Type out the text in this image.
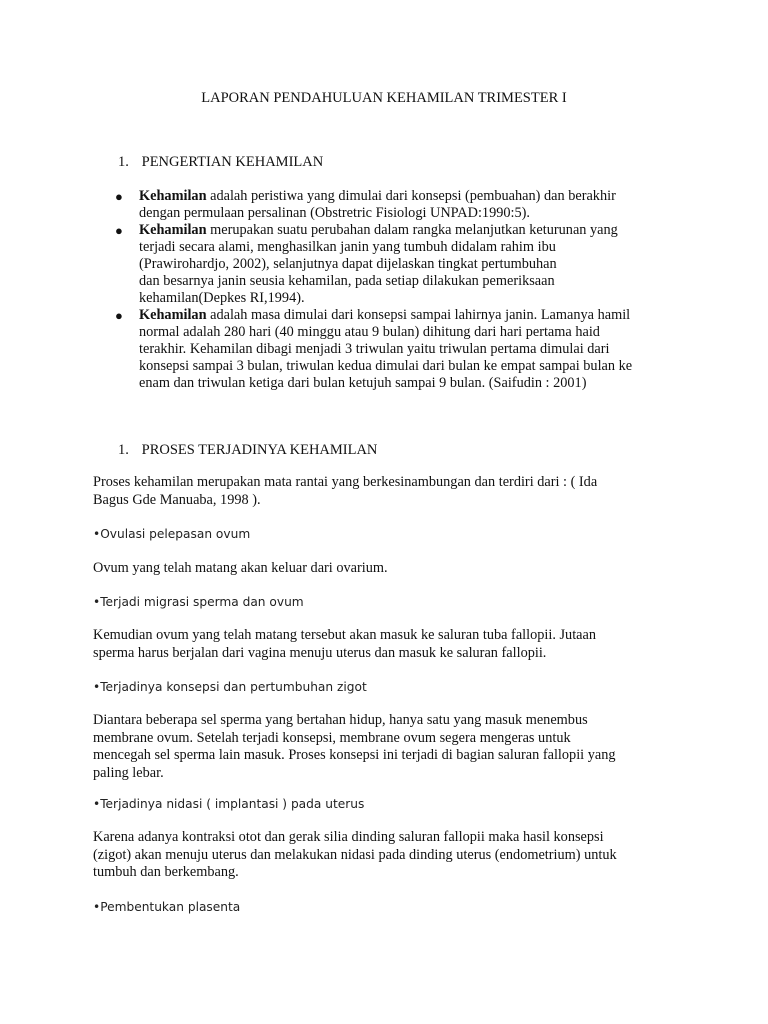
LAPORAN PENDAHULUAN KEHAMILAN TRIMESTER I
1. PENGERTIAN KEHAMILAN
● Kehamilan adalah peristiwa yang dimulai dari konsepsi (pembuahan) dan berakhir
dengan permulaan persalinan (Obstretric Fisiologi UNPAD:1990:5).
● Kehamilan merupakan suatu perubahan dalam rangka melanjutkan keturunan yang
terjadi secara alami, menghasilkan janin yang tumbuh didalam rahim ibu
(Prawirohardjo, 2002), selanjutnya dapat dijelaskan tingkat pertumbuhan
dan besarnya janin seusia kehamilan, pada setiap dilakukan pemeriksaan
kehamilan(Depkes RI,1994).
● Kehamilan adalah masa dimulai dari konsepsi sampai lahirnya janin. Lamanya hamil
normal adalah 280 hari (40 minggu atau 9 bulan) dihitung dari hari pertama haid
terakhir. Kehamilan dibagi menjadi 3 triwulan yaitu triwulan pertama dimulai dari
konsepsi sampai 3 bulan, triwulan kedua dimulai dari bulan ke empat sampai bulan ke
enam dan triwulan ketiga dari bulan ketujuh sampai 9 bulan. (Saifudin : 2001)
1. PROSES TERJADINYA KEHAMILAN
Proses kehamilan merupakan mata rantai yang berkesinambungan dan terdiri dari : ( Ida
Bagus Gde Manuaba, 1998 ).
•Ovulasi pelepasan ovum
Ovum yang telah matang akan keluar dari ovarium.
•Terjadi migrasi sperma dan ovum
Kemudian ovum yang telah matang tersebut akan masuk ke saluran tuba fallopii. Jutaan
sperma harus berjalan dari vagina menuju uterus dan masuk ke saluran fallopii.
•Terjadinya konsepsi dan pertumbuhan zigot
Diantara beberapa sel sperma yang bertahan hidup, hanya satu yang masuk menembus
membrane ovum. Setelah terjadi konsepsi, membrane ovum segera mengeras untuk
mencegah sel sperma lain masuk. Proses konsepsi ini terjadi di bagian saluran fallopii yang
paling lebar.
•Terjadinya nidasi ( implantasi ) pada uterus
Karena adanya kontraksi otot dan gerak silia dinding saluran fallopii maka hasil konsepsi
(zigot) akan menuju uterus dan melakukan nidasi pada dinding uterus (endometrium) untuk
tumbuh dan berkembang.
•Pembentukan plasenta
